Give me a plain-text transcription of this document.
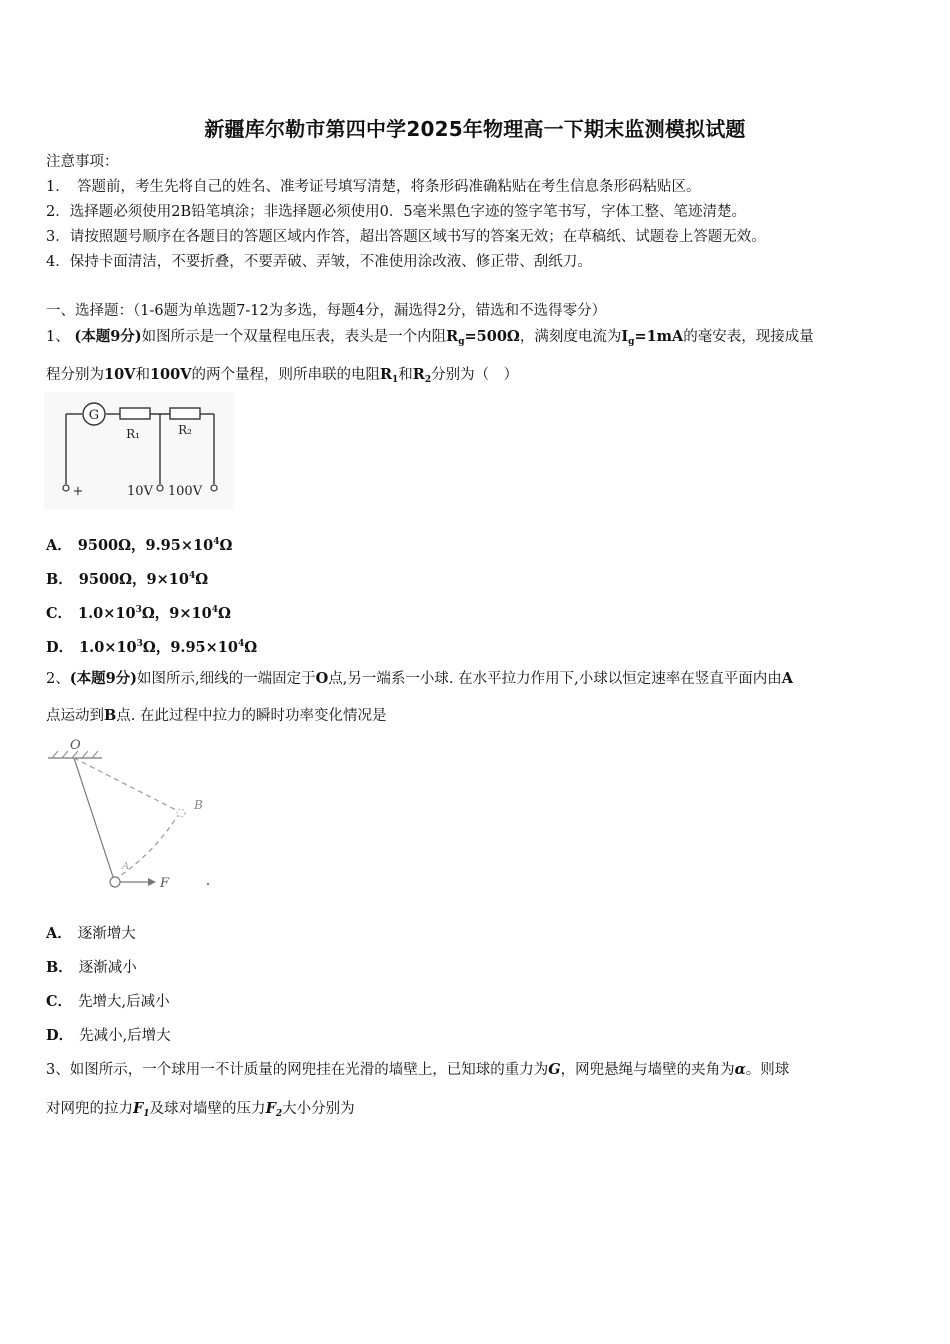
新疆库尔勒市第四中学2025年物理高一下期末监测模拟试题
注意事项：
1．　答题前，考生先将自己的姓名、准考证号填写清楚，将条形码准确粘贴在考生信息条形码粘贴区。
2．选择题必须使用2B铅笔填涂；非选择题必须使用0．5毫米黑色字迹的签字笔书写，字体工整、笔迹清楚。
3．请按照题号顺序在各题目的答题区域内作答，超出答题区域书写的答案无效；在草稿纸、试题卷上答题无效。
4．保持卡面清洁，不要折叠，不要弄破、弄皱，不准使用涂改液、修正带、刮纸刀。
一、选择题：（1-6题为单选题7-12为多选，每题4分，漏选得2分，错选和不选得零分）
1、 (本题9分)如图所示是一个双量程电压表，表头是一个内阻$R_g=500\Omega$，满刻度电流为$I_g=1mA$的毫安表，现接成量
程分别为10V和100V的两个量程，则所串联的电阻$R_1$和$R_2$分别为（　）
G
R₁	R₂
+	10V 100V
A． 9500Ω，$9.95\times 10^4\Omega$
B． 9500Ω，$9\times 10^4\Omega$
C． $1.0\times 10^3\Omega$，$9\times 10^4\Omega$
D． $1.0\times 10^3\Omega$，$9.95\times 10^4\Omega$
2、(本题9分)如图所示,细线的一端固定于O点,另一端系一小球. 在水平拉力作用下,小球以恒定速率在竖直平面内由A
点运动到B点. 在此过程中拉力的瞬时功率变化情况是
O
B
A
F
A． 逐渐增大
B． 逐渐减小
C． 先增大,后减小
D． 先减小,后增大
3、如图所示，一个球用一不计质量的网兜挂在光滑的墙壁上，已知球的重力为G，网兜悬绳与墙壁的夹角为α。则球
对网兜的拉力$F_1$及球对墙壁的压力$F_2$大小分别为
